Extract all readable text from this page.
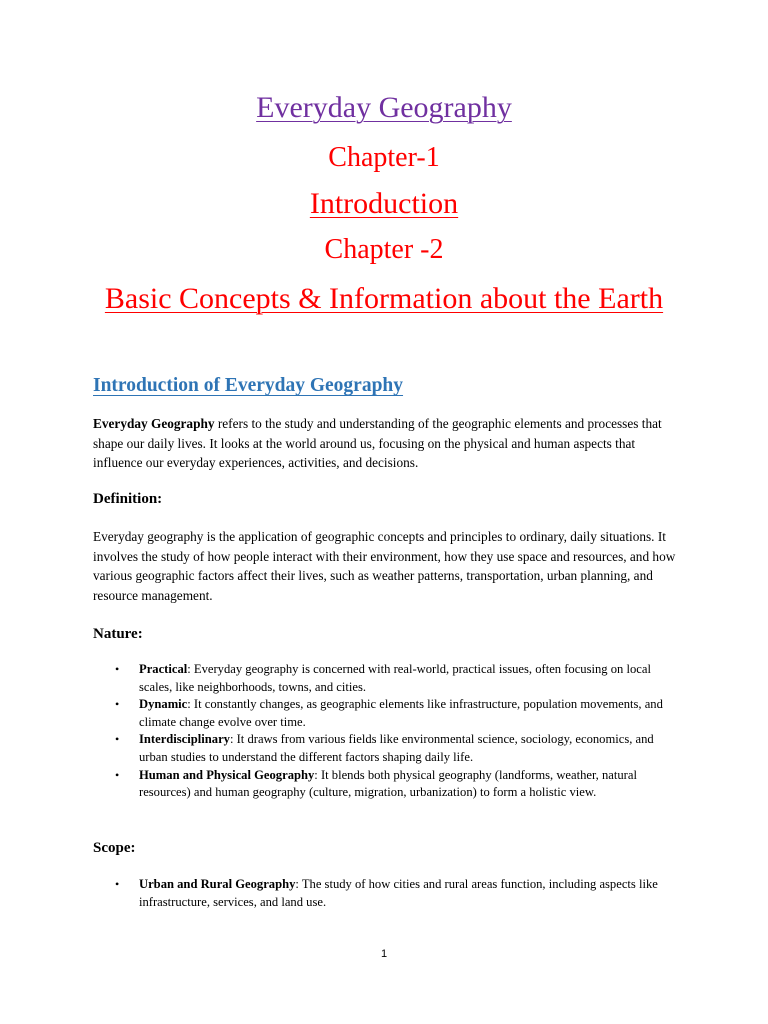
Everyday Geography
Chapter-1
Introduction
Chapter -2
Basic Concepts & Information about the Earth
Introduction of Everyday Geography

Everyday Geography refers to the study and understanding of the geographic elements and processes that shape our daily lives. It looks at the world around us, focusing on the physical and human aspects that influence our everyday experiences, activities, and decisions.

Definition:

Everyday geography is the application of geographic concepts and principles to ordinary, daily situations. It involves the study of how people interact with their environment, how they use space and resources, and how various geographic factors affect their lives, such as weather patterns, transportation, urban planning, and resource management.

Nature:
• Practical: Everyday geography is concerned with real-world, practical issues, often focusing on local scales, like neighborhoods, towns, and cities.
• Dynamic: It constantly changes, as geographic elements like infrastructure, population movements, and climate change evolve over time.
• Interdisciplinary: It draws from various fields like environmental science, sociology, economics, and urban studies to understand the different factors shaping daily life.
• Human and Physical Geography: It blends both physical geography (landforms, weather, natural resources) and human geography (culture, migration, urbanization) to form a holistic view.
Scope:
• Urban and Rural Geography: The study of how cities and rural areas function, including aspects like infrastructure, services, and land use.
1
